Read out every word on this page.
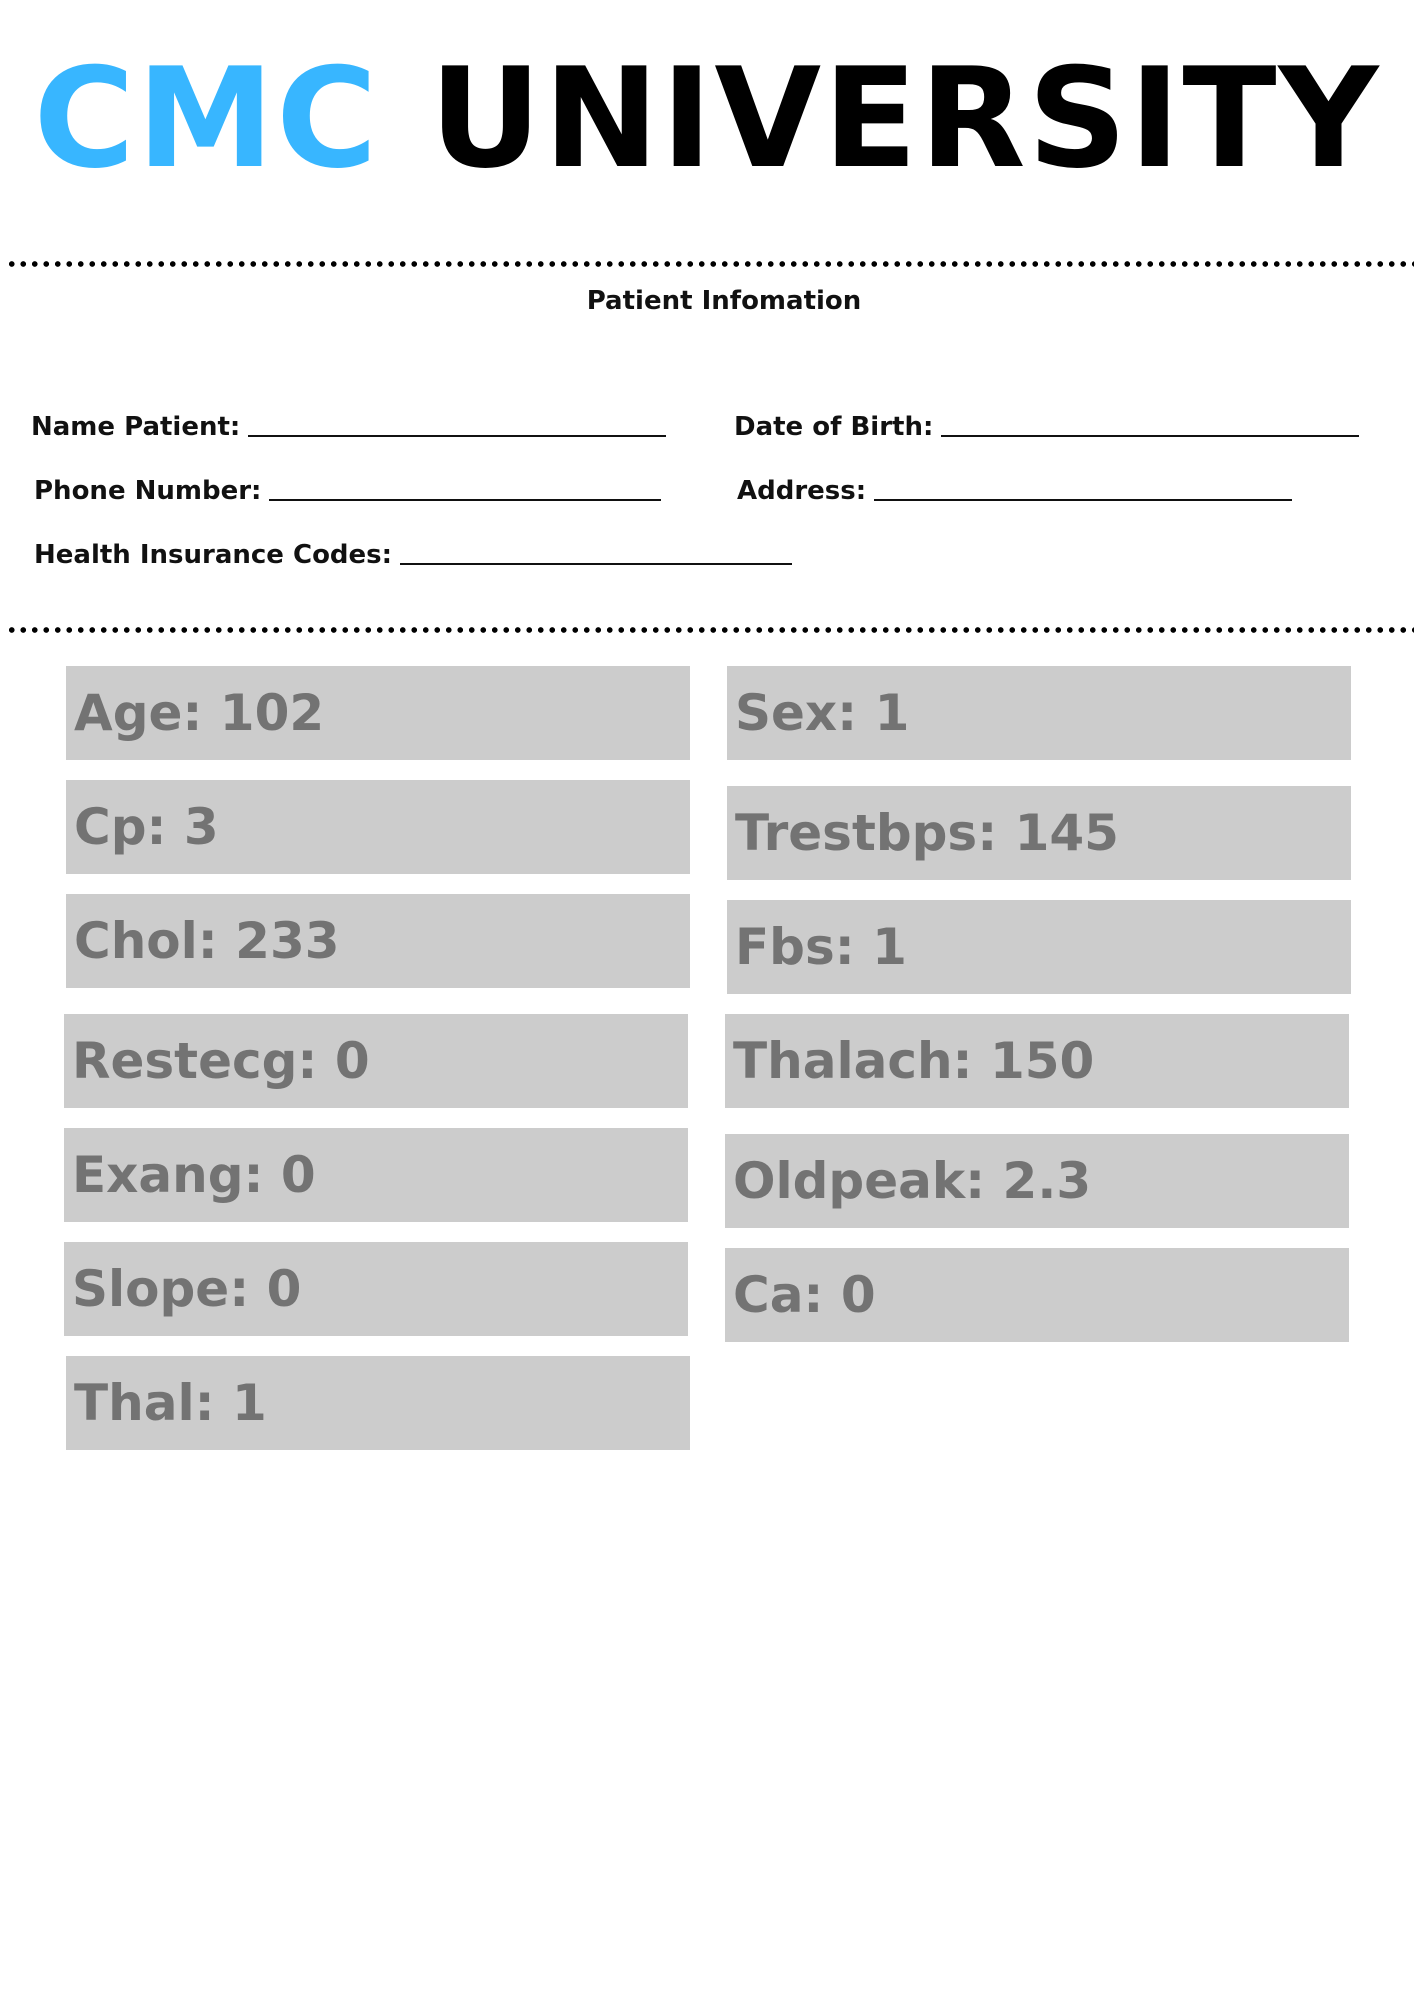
CMC UNIVERSITY
Patient Infomation
Name Patient:	Date of Birth:
Phone Number:	Address:
Health Insurance Codes:
Age: 102
Cp: 3
Chol: 233
Restecg: 0
Exang: 0
Slope: 0
Thal: 1
Sex: 1
Trestbps: 145
Fbs: 1
Thalach: 150
Oldpeak: 2.3
Ca: 0
